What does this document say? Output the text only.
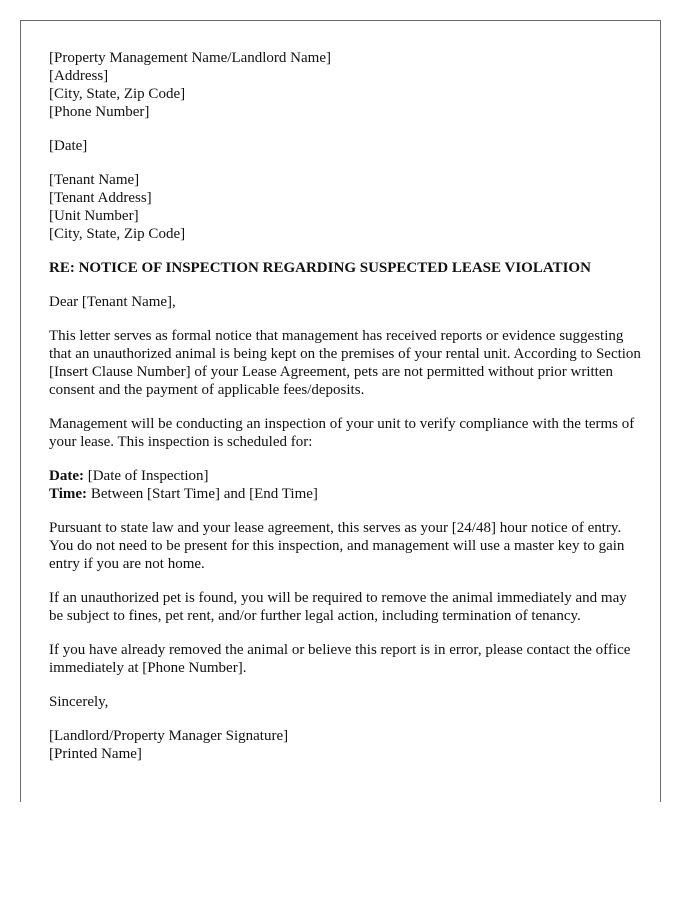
[Property Management Name/Landlord Name]
[Address]
[City, State, Zip Code]
[Phone Number]
[Date]
[Tenant Name]
[Tenant Address]
[Unit Number]
[City, State, Zip Code]
RE: NOTICE OF INSPECTION REGARDING SUSPECTED LEASE VIOLATION

Dear [Tenant Name],

This letter serves as formal notice that management has received reports or evidence suggesting that an unauthorized animal is being kept on the premises of your rental unit. According to Section [Insert Clause Number] of your Lease Agreement, pets are not permitted without prior written consent and the payment of applicable fees/deposits.

Management will be conducting an inspection of your unit to verify compliance with the terms of your lease. This inspection is scheduled for:

Date: [Date of Inspection]
Time: Between [Start Time] and [End Time]

Pursuant to state law and your lease agreement, this serves as your [24/48] hour notice of entry. You do not need to be present for this inspection, and management will use a master key to gain entry if you are not home.

If an unauthorized pet is found, you will be required to remove the animal immediately and may be subject to fines, pet rent, and/or further legal action, including termination of tenancy.

If you have already removed the animal or believe this report is in error, please contact the office immediately at [Phone Number].

Sincerely,

[Landlord/Property Manager Signature]
[Printed Name]
